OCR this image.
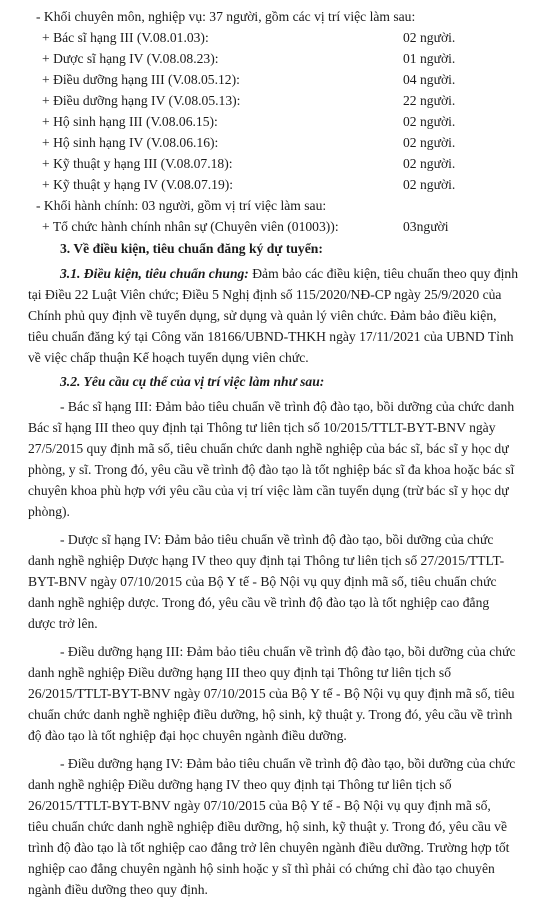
- Khối chuyên môn, nghiệp vụ: 37 người, gồm các vị trí việc làm sau:
+ Bác sĩ hạng III (V.08.01.03):	02 người.
+ Dược sĩ hạng IV (V.08.08.23):	01 người.
+ Điều dưỡng hạng III (V.08.05.12):	04 người.
+ Điều dưỡng hạng IV (V.08.05.13):	22 người.
+ Hộ sinh hạng III (V.08.06.15):	02 người.
+ Hộ sinh hạng IV (V.08.06.16):	02 người.
+ Kỹ thuật y hạng III (V.08.07.18):	02 người.
+ Kỹ thuật y hạng IV (V.08.07.19):	02 người.
- Khối hành chính: 03 người, gồm vị trí việc làm sau:
+ Tổ chức hành chính nhân sự (Chuyên viên (01003)):	03người
3. Về điều kiện, tiêu chuẩn đăng ký dự tuyển:
3.1. Điều kiện, tiêu chuẩn chung: Đảm bảo các điều kiện, tiêu chuẩn theo quy định
tại Điều 22 Luật Viên chức; Điều 5 Nghị định số 115/2020/NĐ-CP ngày 25/9/2020 của
Chính phủ quy định về tuyển dụng, sử dụng và quản lý viên chức. Đảm bảo điều kiện,
tiêu chuẩn đăng ký tại Công văn 18166/UBND-THKH ngày 17/11/2021 của UBND Tỉnh
về việc chấp thuận Kế hoạch tuyển dụng viên chức.
3.2. Yêu cầu cụ thể của vị trí việc làm như sau:
- Bác sĩ hạng III: Đảm bảo tiêu chuẩn về trình độ đào tạo, bồi dưỡng của chức danh
Bác sĩ hạng III theo quy định tại Thông tư liên tịch số 10/2015/TTLT-BYT-BNV ngày
27/5/2015 quy định mã số, tiêu chuẩn chức danh nghề nghiệp của bác sĩ, bác sĩ y học dự
phòng, y sĩ. Trong đó, yêu cầu về trình độ đào tạo là tốt nghiệp bác sĩ đa khoa hoặc bác sĩ
chuyên khoa phù hợp với yêu cầu của vị trí việc làm cần tuyển dụng (trừ bác sĩ y học dự
phòng).
- Dược sĩ hạng IV: Đảm bảo tiêu chuẩn về trình độ đào tạo, bồi dưỡng của chức
danh nghề nghiệp Dược hạng IV theo quy định tại Thông tư liên tịch số 27/2015/TTLT-
BYT-BNV ngày 07/10/2015 của Bộ Y tế - Bộ Nội vụ quy định mã số, tiêu chuẩn chức
danh nghề nghiệp dược. Trong đó, yêu cầu về trình độ đào tạo là tốt nghiệp cao đẳng
dược trở lên.
- Điều dưỡng hạng III: Đảm bảo tiêu chuẩn về trình độ đào tạo, bồi dưỡng của chức
danh nghề nghiệp Điều dưỡng hạng III theo quy định tại Thông tư liên tịch số
26/2015/TTLT-BYT-BNV ngày 07/10/2015 của Bộ Y tế - Bộ Nội vụ quy định mã số, tiêu
chuẩn chức danh nghề nghiệp điều dưỡng, hộ sinh, kỹ thuật y. Trong đó, yêu cầu về trình
độ đào tạo là tốt nghiệp đại học chuyên ngành điều dưỡng.
- Điều dưỡng hạng IV: Đảm bảo tiêu chuẩn về trình độ đào tạo, bồi dưỡng của chức
danh nghề nghiệp Điều dưỡng hạng IV theo quy định tại Thông tư liên tịch số
26/2015/TTLT-BYT-BNV ngày 07/10/2015 của Bộ Y tế - Bộ Nội vụ quy định mã số,
tiêu chuẩn chức danh nghề nghiệp điều dưỡng, hộ sinh, kỹ thuật y. Trong đó, yêu cầu về
trình độ đào tạo là tốt nghiệp cao đẳng trở lên chuyên ngành điều dưỡng. Trường hợp tốt
nghiệp cao đẳng chuyên ngành hộ sinh hoặc y sĩ thì phải có chứng chỉ đào tạo chuyên
ngành điều dưỡng theo quy định.
